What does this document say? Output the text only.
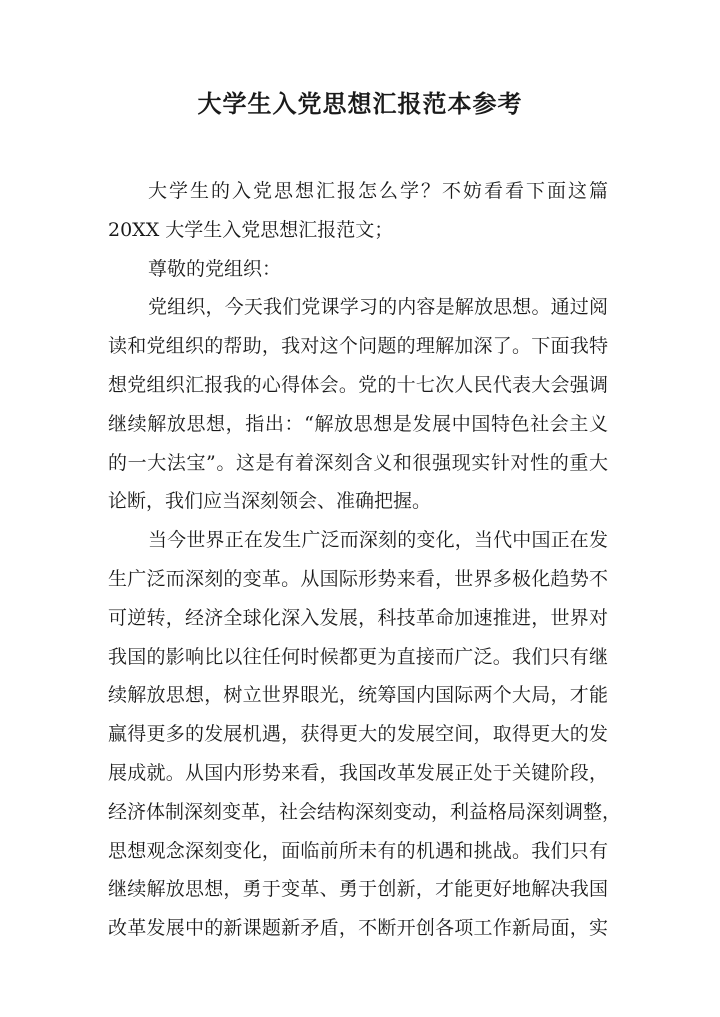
大学生入党思想汇报范本参考
大学生的入党思想汇报怎么学？不妨看看下面这篇
20XX 大学生入党思想汇报范文；
尊敬的党组织：
党组织，今天我们党课学习的内容是解放思想。通过阅
读和党组织的帮助，我对这个问题的理解加深了。下面我特
想党组织汇报我的心得体会。党的十七次人民代表大会强调
继续解放思想，指出：“解放思想是发展中国特色社会主义
的一大法宝”。这是有着深刻含义和很强现实针对性的重大
论断，我们应当深刻领会、准确把握。
当今世界正在发生广泛而深刻的变化，当代中国正在发
生广泛而深刻的变革。从国际形势来看，世界多极化趋势不
可逆转，经济全球化深入发展，科技革命加速推进，世界对
我国的影响比以往任何时候都更为直接而广泛。我们只有继
续解放思想，树立世界眼光，统筹国内国际两个大局，才能
赢得更多的发展机遇，获得更大的发展空间，取得更大的发
展成就。从国内形势来看，我国改革发展正处于关键阶段，
经济体制深刻变革，社会结构深刻变动，利益格局深刻调整，
思想观念深刻变化，面临前所未有的机遇和挑战。我们只有
继续解放思想，勇于变革、勇于创新，才能更好地解决我国
改革发展中的新课题新矛盾，不断开创各项工作新局面，实
